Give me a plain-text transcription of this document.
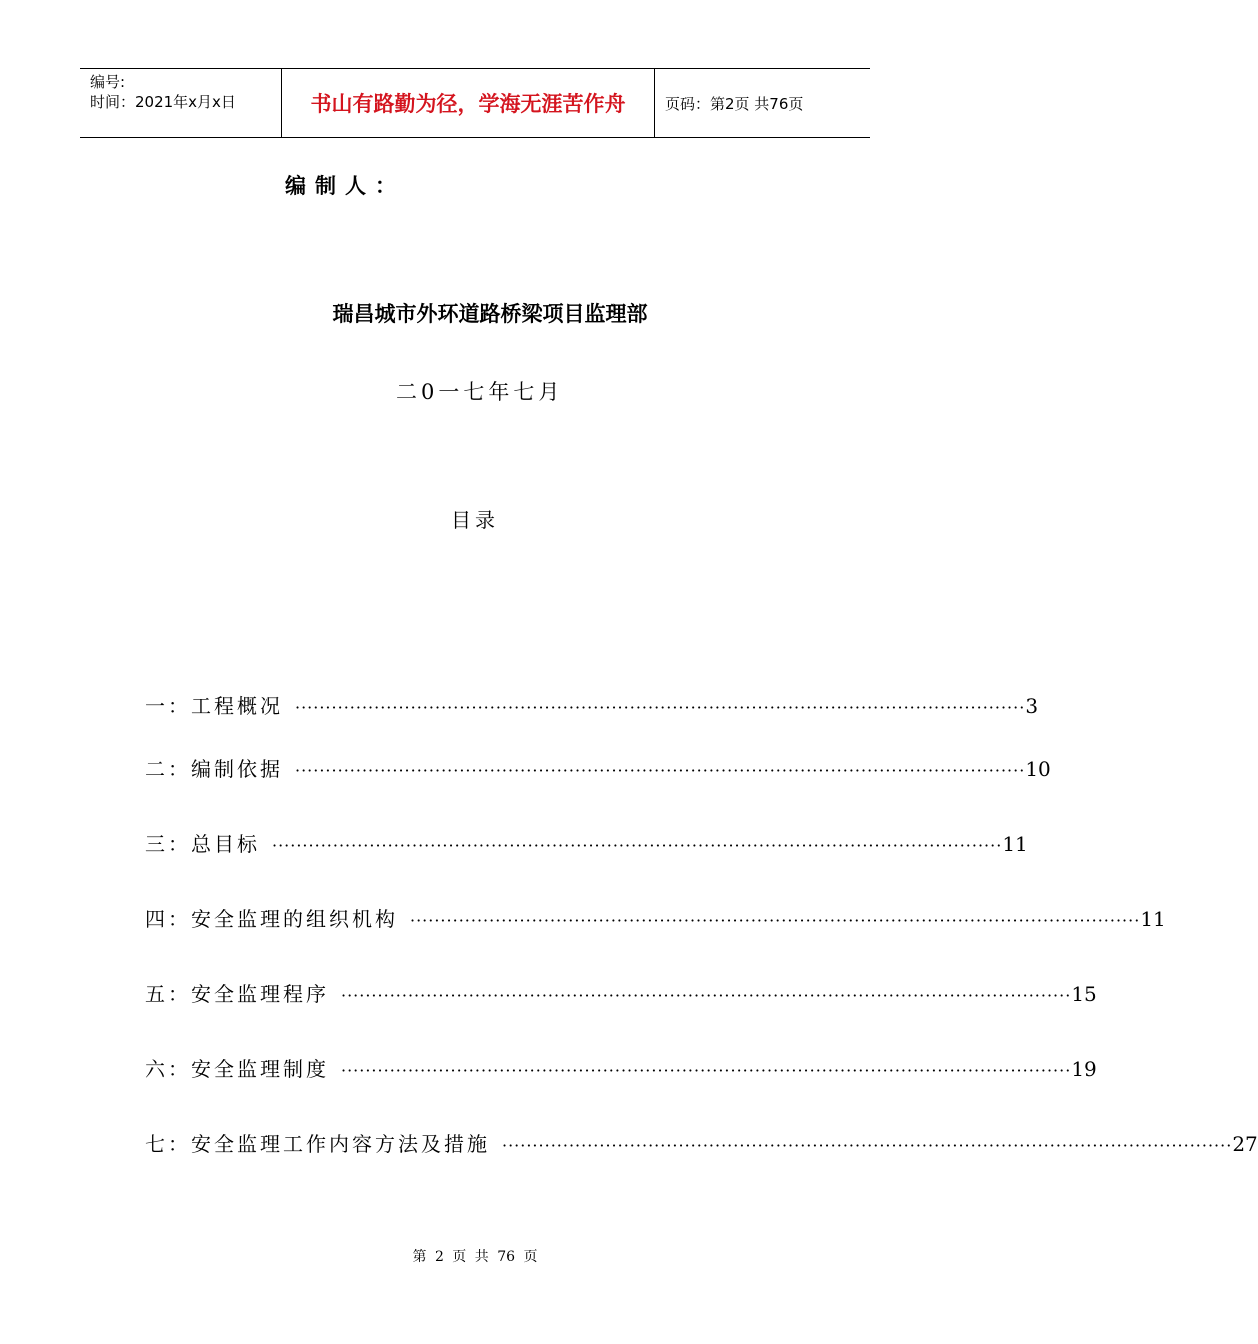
编号:
时间：2021年x月x日	书山有路勤为径，学海无涯苦作舟	页码：第2页 共76页
编制人：
瑞昌城市外环道路桥梁项目监理部
二0一七年七月
目录
一：工程概况 ························································································································ 3
二：编制依据 ························································································································ 10
三：总目标 ························································································································ 11
四：安全监理的组织机构 ························································································································ 11
五：安全监理程序 ························································································································ 15
六：安全监理制度 ························································································································ 19
七：安全监理工作内容方法及措施 ························································································································ 27
第 2 页 共 76 页
